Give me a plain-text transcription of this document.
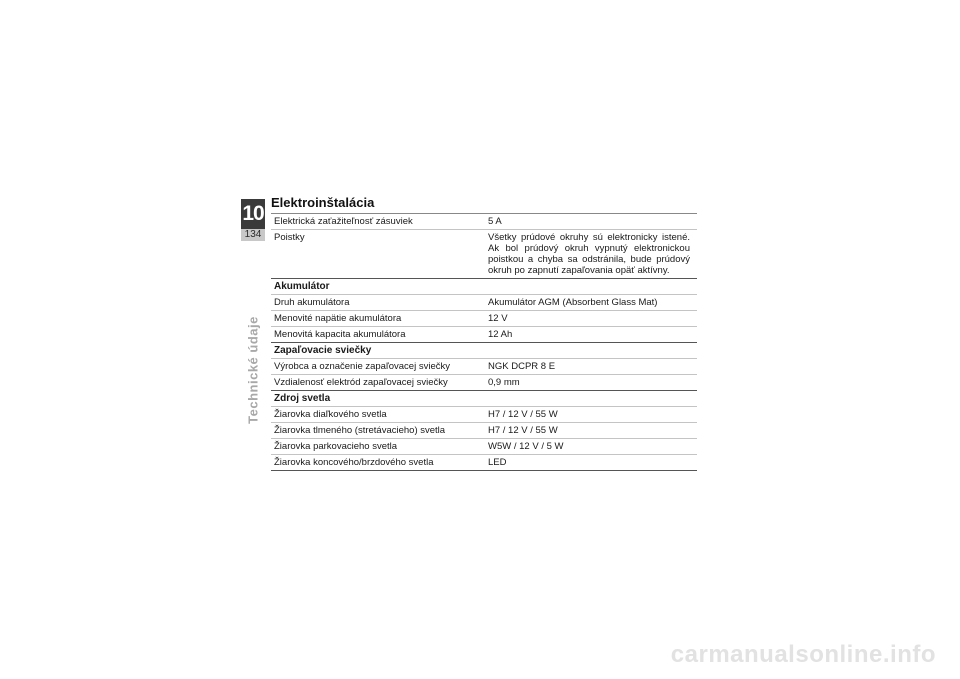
10
134
Technické údaje
Elektroinštalácia
Elektrická zaťažiteľnosť zásuviek	5 A
Poistky	Všetky prúdové okruhy sú elektronicky istené. Ak bol prúdový okruh vypnutý elektronickou poistkou a chyba sa odstránila, bude prúdový okruh po zapnutí zapaľovania opäť aktívny.
Akumulátor
Druh akumulátora	Akumulátor AGM (Absorbent Glass Mat)
Menovité napätie akumulátora	12 V
Menovitá kapacita akumulátora	12 Ah
Zapaľovacie sviečky
Výrobca a označenie zapaľovacej sviečky	NGK DCPR 8 E
Vzdialenosť elektród zapaľovacej sviečky	0,9 mm
Zdroj svetla
Žiarovka diaľkového svetla	H7 / 12 V / 55 W
Žiarovka tlmeného (stretávacieho) svetla	H7 / 12 V / 55 W
Žiarovka parkovacieho svetla	W5W / 12 V / 5 W
Žiarovka koncového/brzdového svetla	LED
carmanualsonline.info
